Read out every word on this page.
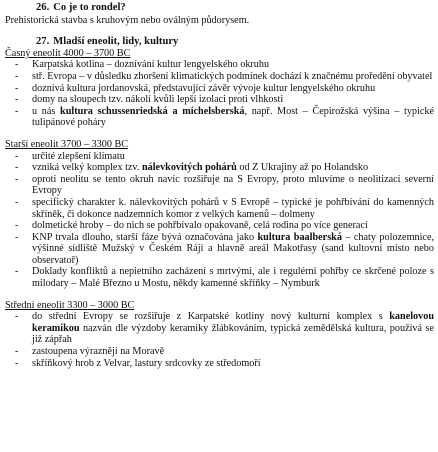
26. Co je to rondel?
Prehistorická stavba s kruhovým nebo oválným půdorysem.
27. Mladší eneolit, lidy, kultury
Časný eneolit 4000 – 3700 BC
-	Karpatská kotlina – doznívání kultur lengyelského okruhu
-	stř. Evropa – v důsledku zhoršení klimatických podmínek dochází k značnému proředění obyvatel
-	doznívá kultura jordanovská, představující závěr vývoje kultur lengyelského okruhu
-	domy na sloupech tzv. nákolí kvůli lepší izolaci proti vlhkosti
-	u nás kultura schussenriedská a michelsberská, např. Most – Čepirožská výšina – typické tulipánové poháry
Starší eneolit 3700 – 3300 BC
-	určité zlepšení klimatu
-	vzniká velký komplex tzv. nálevkovitých pohárů od Z Ukrajiny až po Holandsko
-	oproti neolitu se tento okruh navíc rozšiřuje na S Evropy, proto mluvíme o neolitizaci severní Evropy
-	specifický charakter k. nálevkovitých pohárů v S Evropě – typické je pohřbívání do kamenných skříněk, či dokonce nadzemních komor z velkých kamenů – dolmeny
-	dolmetické hroby – do nich se pohřbívalo opakovaně, celá rodina po více generací
-	KNP trvala dlouho, starší fáze bývá označována jako kultura baalberská – chaty polozemnice, výšinné sídliště Mužský v Českém Ráji a hlavně areál Makotřasy (sand kultovní místo nebo observatoř)
-	Doklady konfliktů a nepietního zacházení s mrtvými, ale i regulérní pohřby ce skrčené poloze s milodary – Malé Březno u Mostu, někdy kamenné skříňky – Nymburk
Střední eneolit 3300 – 3000 BC
-	do střední Evropy se rozšiřuje z Karpatské kotliny nový kulturní komplex s kanelovou keramikou nazván dle výzdoby keramiky žlábkováním, typická zemědělská kultura, používá se již zápřah
-	zastoupena výrazněji na Moravě
-	skříňkový hrob z Velvar, lastury srdcovky ze středomoří
